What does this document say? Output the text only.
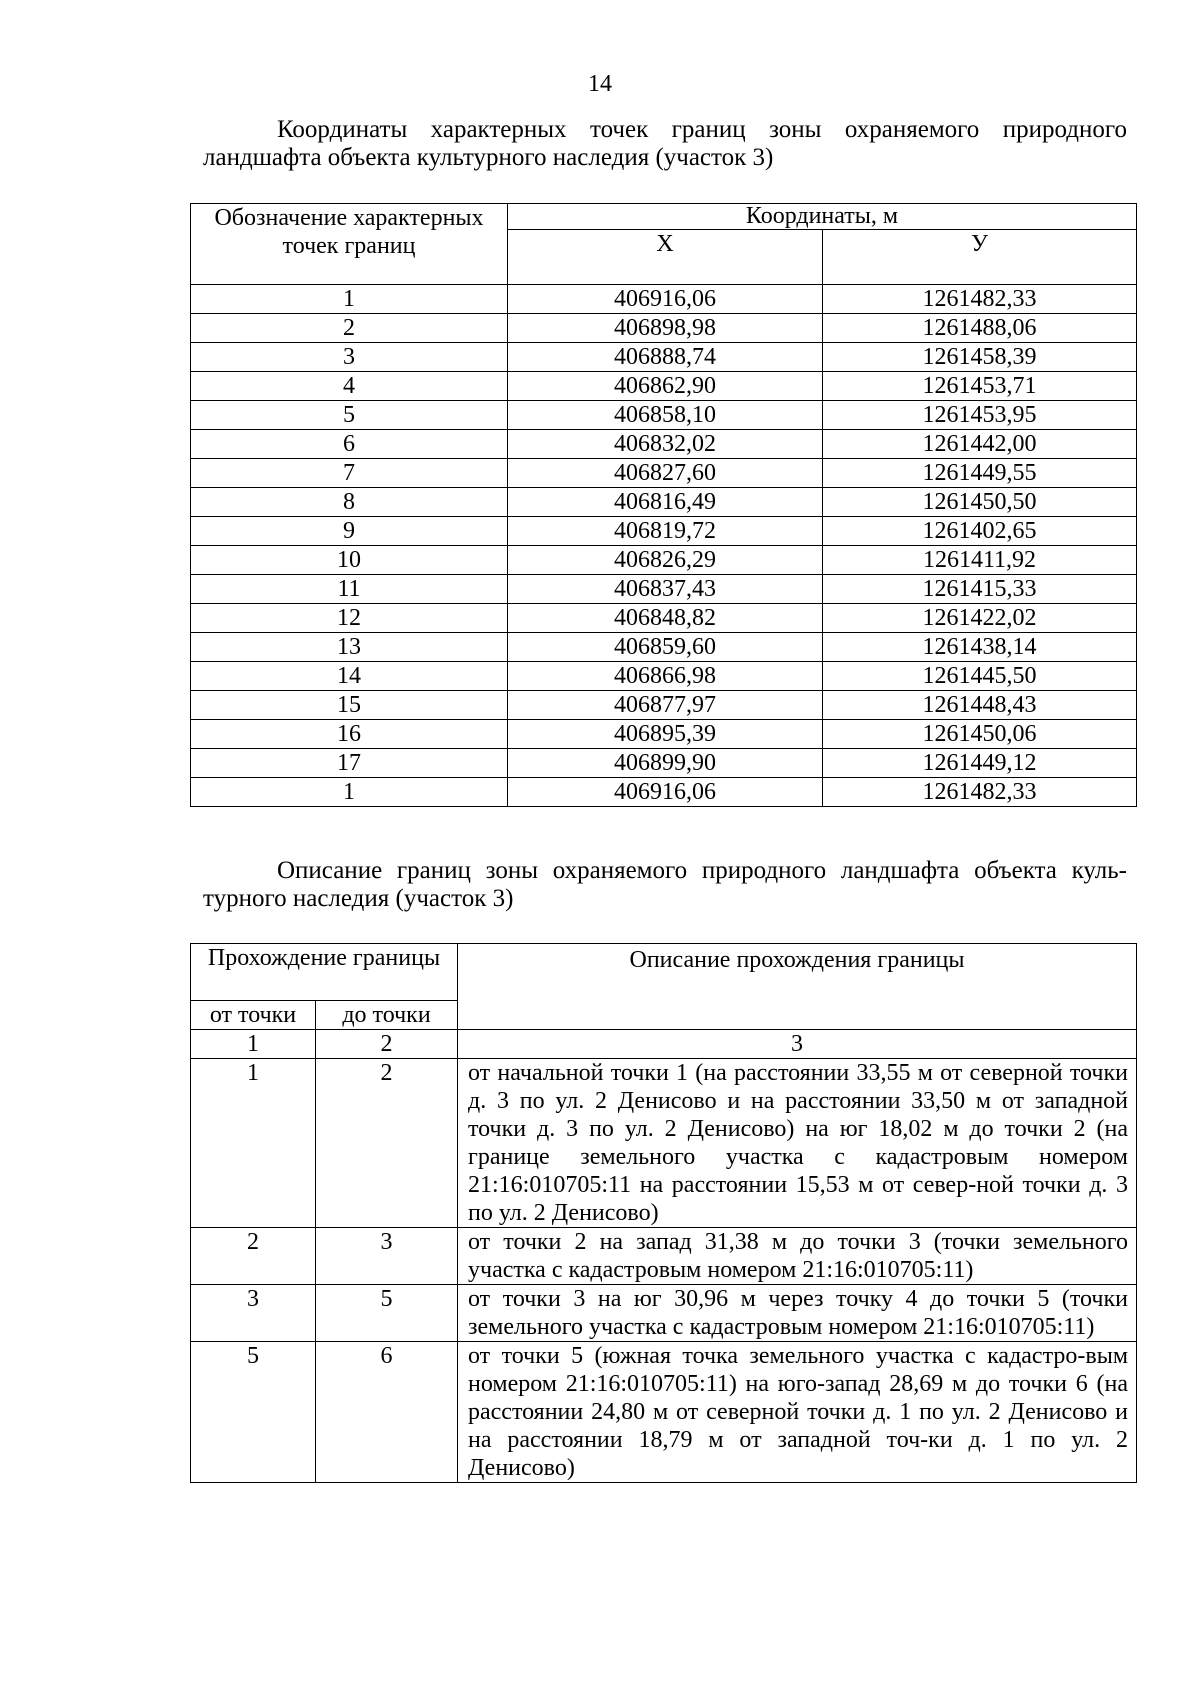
14
Координаты характерных точек границ зоны охраняемого природного ландшафта объекта культурного наследия (участок 3)
Обозначение характерных точек границ	Координаты, м	
	Х	У
1	406916,06	1261482,33
2	406898,98	1261488,06
3	406888,74	1261458,39
4	406862,90	1261453,71
5	406858,10	1261453,95
6	406832,02	1261442,00
7	406827,60	1261449,55
8	406816,49	1261450,50
9	406819,72	1261402,65
10	406826,29	1261411,92
11	406837,43	1261415,33
12	406848,82	1261422,02
13	406859,60	1261438,14
14	406866,98	1261445,50
15	406877,97	1261448,43
16	406895,39	1261450,06
17	406899,90	1261449,12
1	406916,06	1261482,33
Описание границ зоны охраняемого природного ландшафта объекта куль-турного наследия (участок 3)
Прохождение границы		Описание прохождения границы
от точки	до точки	
1	2	3
1	2	от начальной точки 1 (на расстоянии 33,55 м от северной точки д. 3 по ул. 2 Денисово и на расстоянии 33,50 м от западной точки д. 3 по ул. 2 Денисово) на юг 18,02 м до точки 2 (на границе земельного участка с кадастровым номером 21:16:010705:11 на расстоянии 15,53 м от север-ной точки д. 3 по ул. 2 Денисово)
2	3	от точки 2 на запад 31,38 м до точки 3 (точки земельного участка с кадастровым номером 21:16:010705:11)
3	5	от точки 3 на юг 30,96 м через точку 4 до точки 5 (точки земельного участка с кадастровым номером 21:16:010705:11)
5	6	от точки 5 (южная точка земельного участка с кадастро-вым номером 21:16:010705:11) на юго-запад 28,69 м до точки 6 (на расстоянии 24,80 м от северной точки д. 1 по ул. 2 Денисово и на расстоянии 18,79 м от западной точ-ки д. 1 по ул. 2 Денисово)
